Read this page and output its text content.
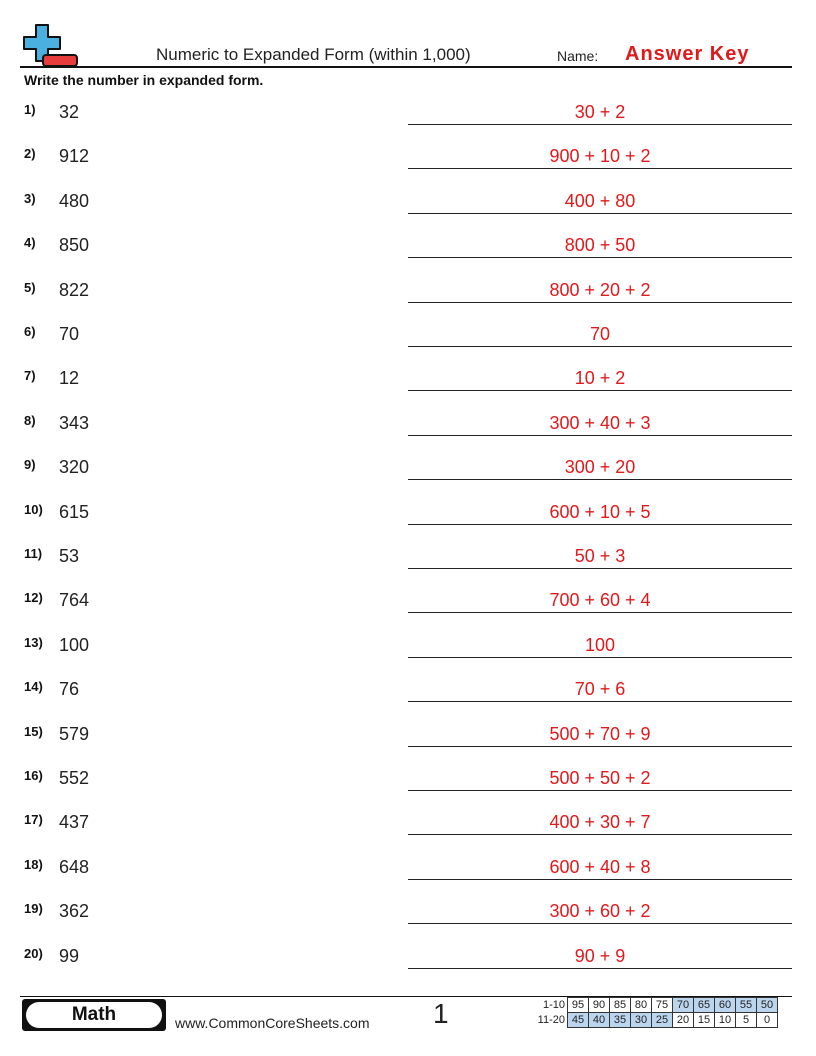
Numeric to Expanded Form (within 1,000)	Name: Answer Key
Write the number in expanded form.
1) 32	30 + 2
2) 912	900 + 10 + 2
3) 480	400 + 80
4) 850	800 + 50
5) 822	800 + 20 + 2
6) 70	70
7) 12	10 + 2
8) 343	300 + 40 + 3
9) 320	300 + 20
10) 615	600 + 10 + 5
11) 53	50 + 3
12) 764	700 + 60 + 4
13) 100	100
14) 76	70 + 6
15) 579	500 + 70 + 9
16) 552	500 + 50 + 2
17) 437	400 + 30 + 7
18) 648	600 + 40 + 8
19) 362	300 + 60 + 2
20) 99	90 + 9
Math	www.CommonCoreSheets.com 1	1-10	95	90	85	80	75	70	65	60	55	50
11-20	45	40	35	30	25	20	15	10	5	0
